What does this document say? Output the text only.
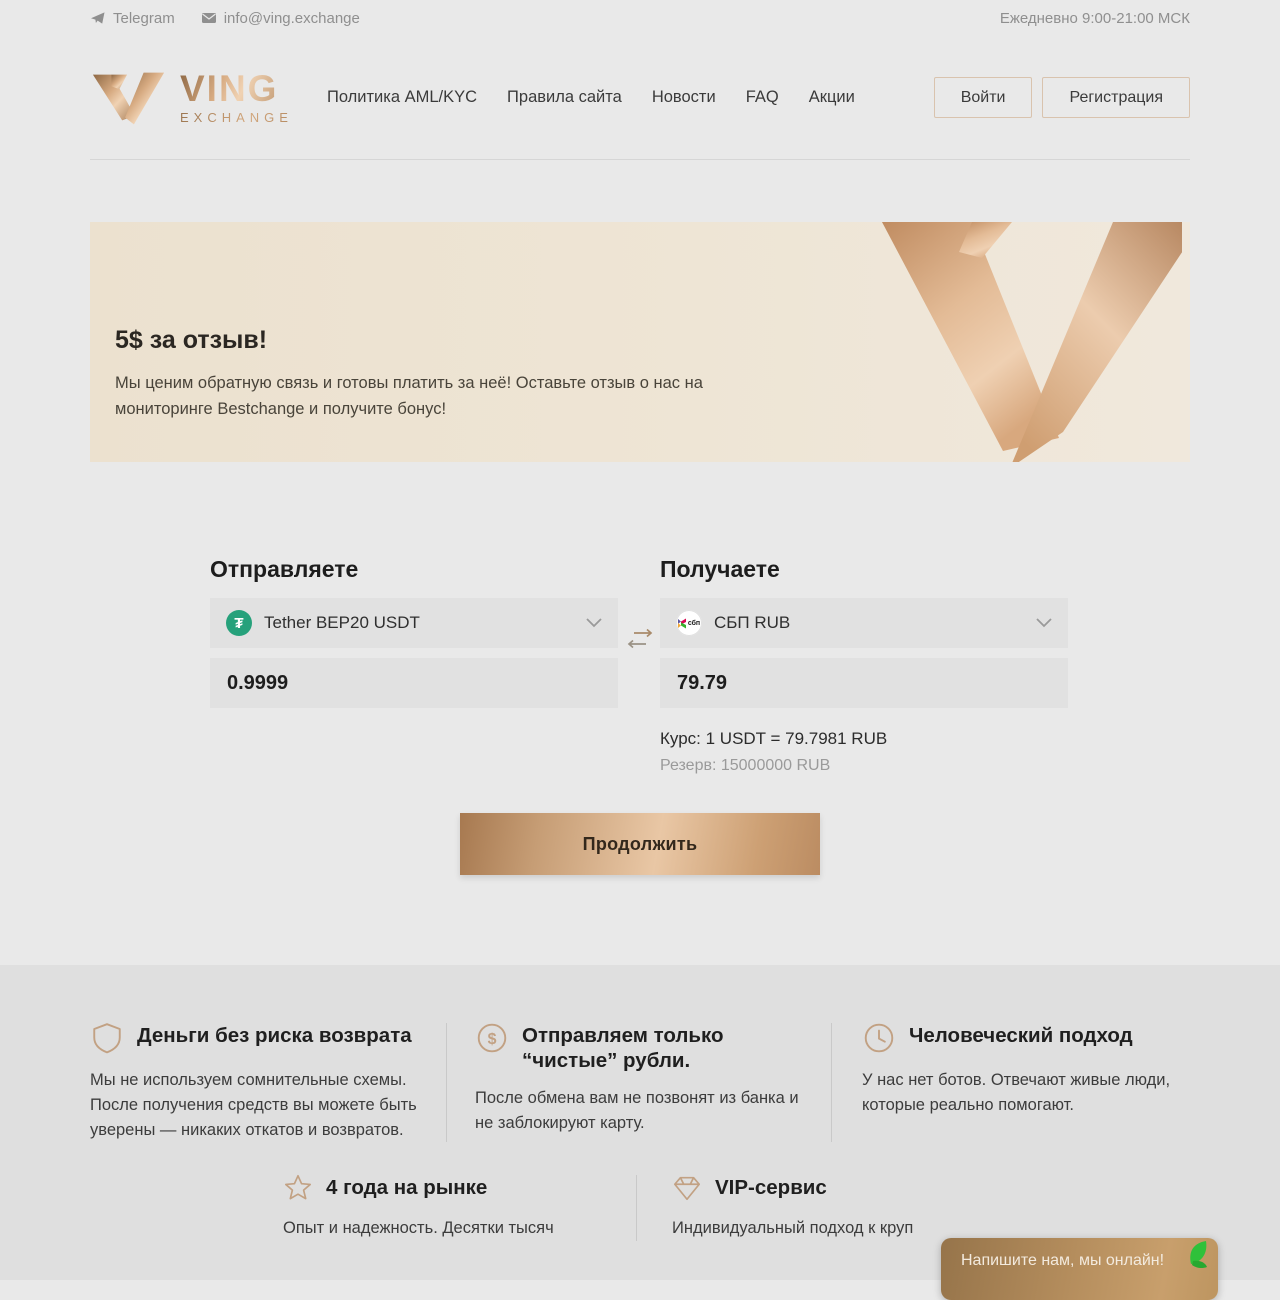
Telegram	info@ving.exchange	Ежедневно 9:00-21:00 МСК
VING
EXCHANGE
Политика AML/KYC Правила сайта Новости FAQ Акции	Войти	Регистрация
5$ за отзыв!
Мы ценим обратную связь и готовы платить за неё! Оставьте отзыв о нас на мониторинге Bestchange и получите бонус!
Отправляете
₮ Tether BEP20 USDT
0.9999
Получаете
сбп СБП RUB
79.79
Курс: 1 USDT = 79.7981 RUB
Резерв: 15000000 RUB
Продолжить
Деньги без риска возврата
Мы не используем сомнительные схемы. После получения средств вы можете быть уверены — никаких откатов и возвратов.
$ Отправляем только “чистые” рубли.
После обмена вам не позвонят из банка и не заблокируют карту.
Человеческий подход
У нас нет ботов. Отвечают живые люди, которые реально помогают.
4 года на рынке
Опыт и надежность. Десятки тысяч
VIP-сервис
Индивидуальный подход к круп
Напишите нам, мы онлайн!
